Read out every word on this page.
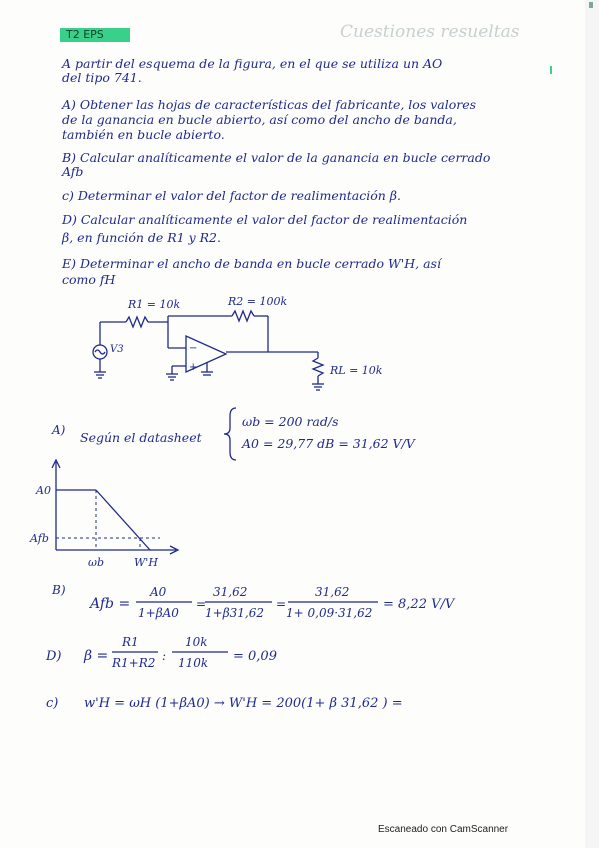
T2 EPS	Cuestiones resueltas
A partir del esquema de la figura, en el que se utiliza un AO
del tipo 741.
A) Obtener las hojas de características del fabricante, los valores
de la ganancia en bucle abierto, así como del ancho de banda,
también en bucle abierto.
B) Calcular analíticamente el valor de la ganancia en bucle cerrado
Afb
c) Determinar el valor del factor de realimentación β.
D) Calcular analíticamente el valor del factor de realimentación
β, en función de R1 y R2.
E) Determinar el ancho de banda en bucle cerrado W'H, así
como fH
R1 = 10k	R2 = 100k
RL = 10k
V3	−
+
A) Según el datasheet
ωb = 200 rad/s
A0 = 29,77 dB = 31,62 V/V
A0
Afb
ωb	W'H
B)
Afb =
A0
1+βA0
=
31,62
1+β31,62
=
31,62
1+ 0,09·31,62
= 8,22 V/V
D) β =
R1
R1+R2 :
10k
110k = 0,09
c) w'H = ωH (1+βA0) → W'H = 200(1+ β 31,62 ) =
Escaneado con CamScanner
